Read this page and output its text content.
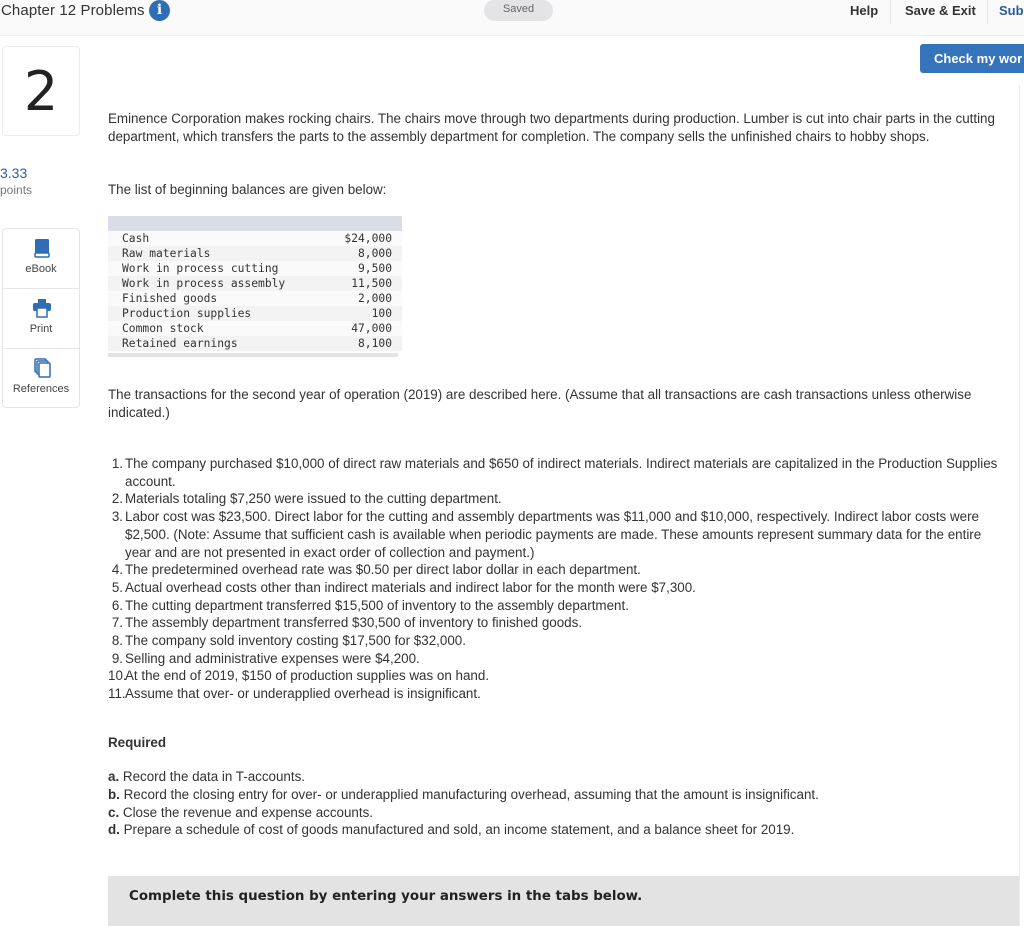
Chapter 12 Problems i	Saved	Help Save & Exit Sub
Check my wor
2
3.33
points
eBook
Print
References
Eminence Corporation makes rocking chairs. The chairs move through two departments during production. Lumber is cut into chair parts in the cutting department, which transfers the parts to the assembly department for completion. The company sells the unfinished chairs to hobby shops.
The list of beginning balances are given below:
Cash	$24,000
Raw materials	8,000
Work in process cutting	9,500
Work in process assembly	11,500
Finished goods	2,000
Production supplies	100
Common stock	47,000
Retained earnings	8,100
The transactions for the second year of operation (2019) are described here. (Assume that all transactions are cash transactions unless otherwise indicated.)
1. The company purchased $10,000 of direct raw materials and $650 of indirect materials. Indirect materials are capitalized in the Production Supplies account.
2. Materials totaling $7,250 were issued to the cutting department.
3. Labor cost was $23,500. Direct labor for the cutting and assembly departments was $11,000 and $10,000, respectively. Indirect labor costs were $2,500. (Note: Assume that sufficient cash is available when periodic payments are made. These amounts represent summary data for the entire year and are not presented in exact order of collection and payment.)
4. The predetermined overhead rate was $0.50 per direct labor dollar in each department.
5. Actual overhead costs other than indirect materials and indirect labor for the month were $7,300.
6. The cutting department transferred $15,500 of inventory to the assembly department.
7. The assembly department transferred $30,500 of inventory to finished goods.
8. The company sold inventory costing $17,500 for $32,000.
9. Selling and administrative expenses were $4,200.
10.
At the end of 2019, $150 of production supplies was on hand.
11. Assume that over- or underapplied overhead is insignificant.
Required
a. Record the data in T-accounts.
b. Record the closing entry for over- or underapplied manufacturing overhead, assuming that the amount is insignificant.
c. Close the revenue and expense accounts.
d. Prepare a schedule of cost of goods manufactured and sold, an income statement, and a balance sheet for 2019.
Complete this question by entering your answers in the tabs below.
